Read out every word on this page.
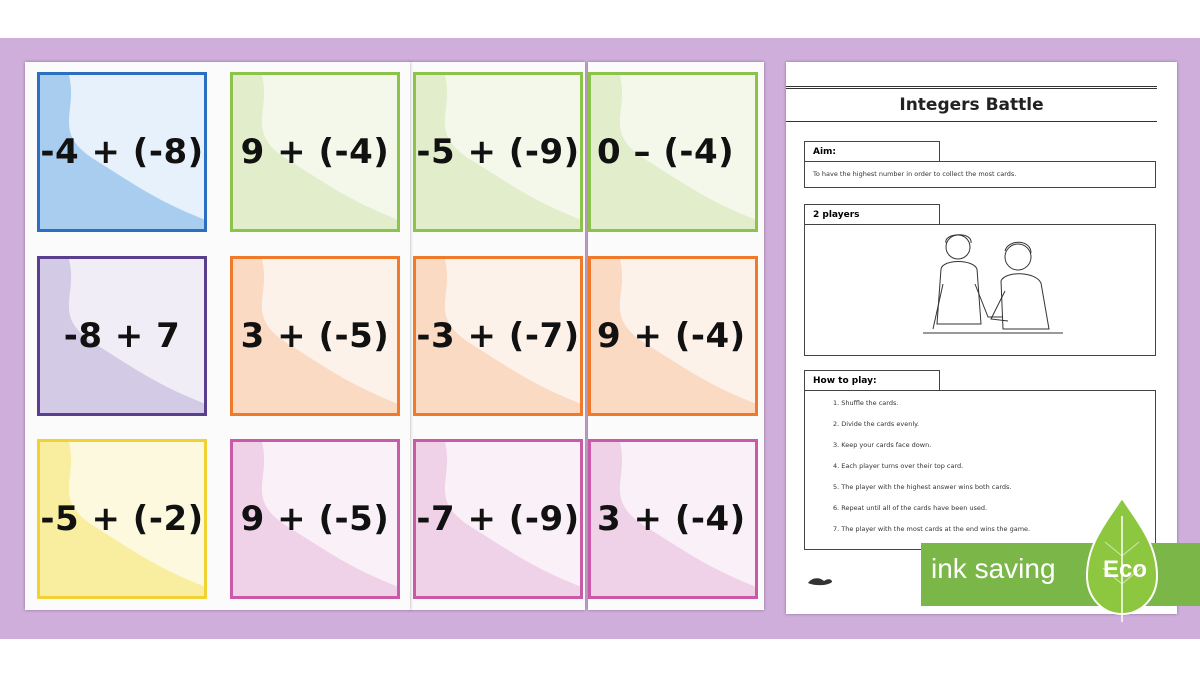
0 – (-4)
9 + (-4)
3 + (-4)
-5 + (-9)
-3 + (-7)
-7 + (-9)
-4 + (-8) 9 + (-4)
-8 + 7	3 + (-5)
-5 + (-2) 9 + (-5)
Integers Battle
Aim:
To have the highest number in order to collect the most cards.
2 players
How to play:
1. Shuffle the cards.
2. Divide the cards evenly.
3. Keep your cards face down.
4. Each player turns over their top card.
5. The player with the highest answer wins both cards.
6. Repeat until all of the cards have been used.
7. The player with the most cards at the end wins the game.
ink saving Eco
